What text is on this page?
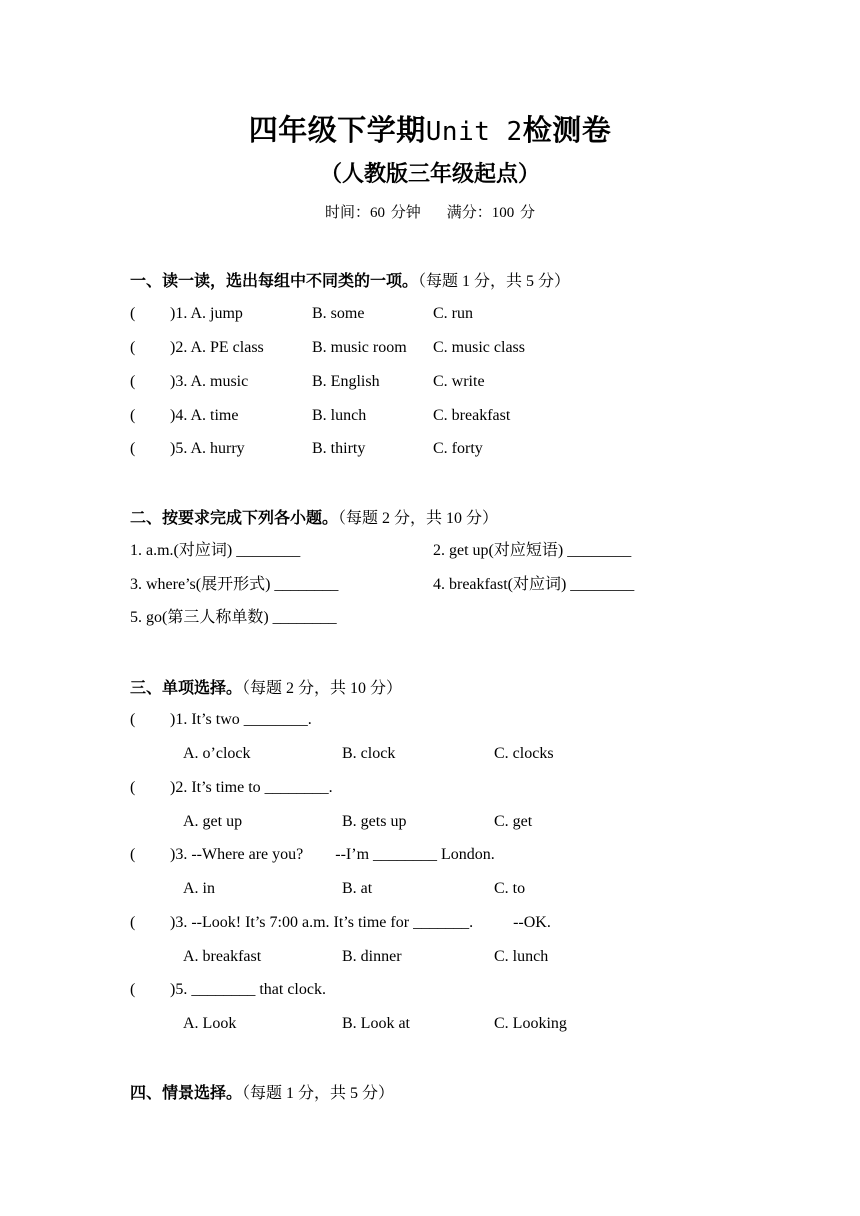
四年级下学期Unit 2检测卷
（人教版三年级起点）
时间：60 分钟 满分：100 分
一、读一读，选出每组中不同类的一项。（每题 1 分，共 5 分）
(	)1. A. jump	B. some	C. run
(	)2. A. PE class	B. music room C. music class
(	)3. A. music	B. English	C. write
(	)4. A. time	B. lunch	C. breakfast
(	)5. A. hurry	B. thirty	C. forty
二、按要求完成下列各小题。（每题 2 分，共 10 分）
1. a.m.(对应词) ________	2. get up(对应短语) ________
3. where’s(展开形式) ________	4. breakfast(对应词) ________
5. go(第三人称单数) ________
三、单项选择。（每题 2 分，共 10 分）
(	)1. It’s two ________.
A. o’clock	B. clock	C. clocks
(	)2. It’s time to ________.
A. get up	B. gets up	C. get
(	)3. --Where are you?        --I’m ________ London.
A. in	B. at	C. to
(	)3. --Look! It’s 7:00 a.m. It’s time for _______.          --OK.
A. breakfast	B. dinner	C. lunch
(	)5. ________ that clock.
A. Look	B. Look at	C. Looking
四、情景选择。（每题 1 分，共 5 分）
